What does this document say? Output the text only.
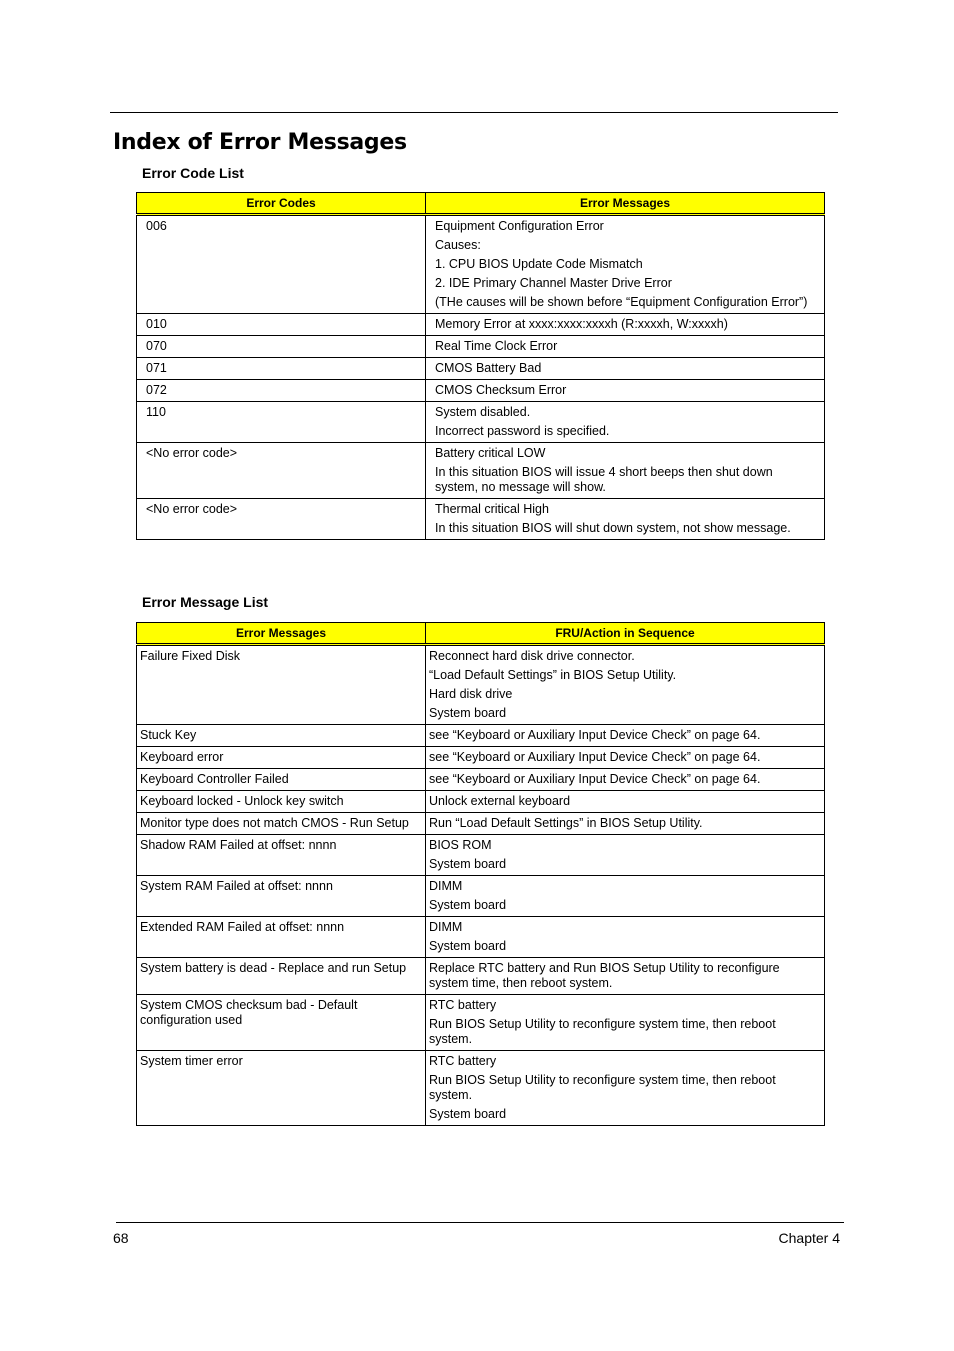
Index of Error Messages
Error Code List
Error Codes	Error Messages
006	Equipment Configuration Error
Causes:
1. CPU BIOS Update Code Mismatch
2. IDE Primary Channel Master Drive Error
(THe causes will be shown before “Equipment Configuration Error”)

010	Memory Error at xxxx:xxxx:xxxxh (R:xxxxh, W:xxxxh)

070	Real Time Clock Error

071	CMOS Battery Bad

072	CMOS Checksum Error

110	System disabled.
Incorrect password is specified.

<No error code>	Battery critical LOW
In this situation BIOS will issue 4 short beeps then shut down system, no message will show.

<No error code>	Thermal critical High
In this situation BIOS will shut down system, not show message.
Error Message List
Error Messages	FRU/Action in Sequence
Failure Fixed Disk	Reconnect hard disk drive connector.
“Load Default Settings” in BIOS Setup Utility.
Hard disk drive
System board

Stuck Key	see “Keyboard or Auxiliary Input Device Check” on page 64.

Keyboard error	see “Keyboard or Auxiliary Input Device Check” on page 64.

Keyboard Controller Failed	see “Keyboard or Auxiliary Input Device Check” on page 64.

Keyboard locked - Unlock key switch	Unlock external keyboard

Monitor type does not match CMOS - Run Setup	Run “Load Default Settings” in BIOS Setup Utility.

Shadow RAM Failed at offset: nnnn	BIOS ROM
System board

System RAM Failed at offset: nnnn	DIMM
System board

Extended RAM Failed at offset: nnnn	DIMM
System board

System battery is dead - Replace and run Setup	Replace RTC battery and Run BIOS Setup Utility to reconfigure system time, then reboot system.

System CMOS checksum bad - Default configuration used	RTC battery
Run BIOS Setup Utility to reconfigure system time, then reboot system.

System timer error	RTC battery
Run BIOS Setup Utility to reconfigure system time, then reboot system.
System board
68	Chapter 4
